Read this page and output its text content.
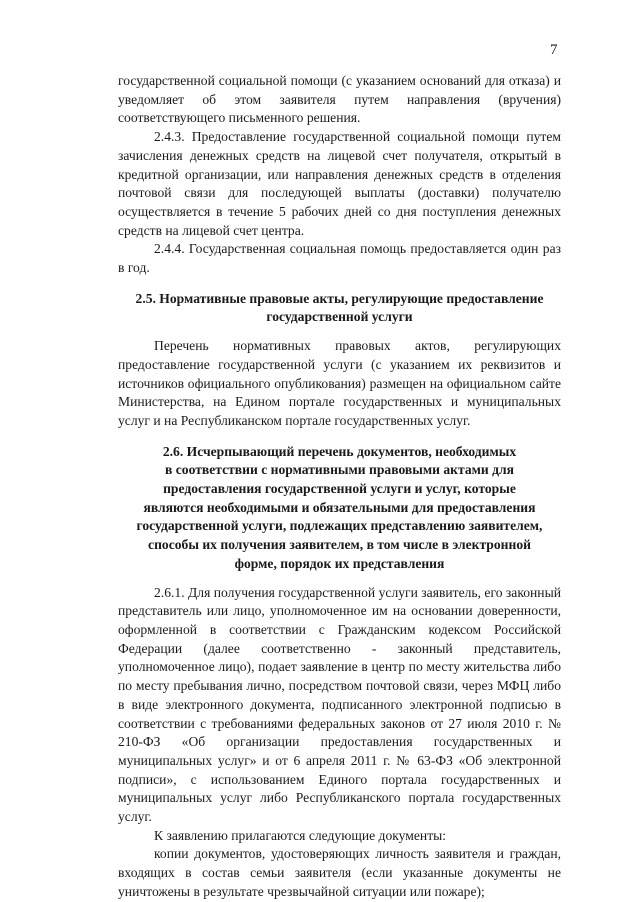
7

государственной социальной помощи (с указанием оснований для отказа) и уведомляет об этом заявителя путем направления (вручения) соответствующего письменного решения.

2.4.3. Предоставление государственной социальной помощи путем зачисления денежных средств на лицевой счет получателя, открытый в кредитной организации, или направления денежных средств в отделения почтовой связи для последующей выплаты (доставки) получателю осуществляется в течение 5 рабочих дней со дня поступления денежных средств на лицевой счет центра.

2.4.4. Государственная социальная помощь предоставляется один раз в год.

2.5. Нормативные правовые акты, регулирующие предоставление
государственной услуги

Перечень нормативных правовых актов, регулирующих предоставление государственной услуги (с указанием их реквизитов и источников официального опубликования) размещен на официальном сайте Министерства, на Едином портале государственных и муниципальных услуг и на Республиканском портале государственных услуг.

2.6. Исчерпывающий перечень документов, необходимых
в соответствии с нормативными правовыми актами для
предоставления государственной услуги и услуг, которые
являются необходимыми и обязательными для предоставления
государственной услуги, подлежащих представлению заявителем,
способы их получения заявителем, в том числе в электронной
форме, порядок их представления

2.6.1. Для получения государственной услуги заявитель, его законный представитель или лицо, уполномоченное им на основании доверенности, оформленной в соответствии с Гражданским кодексом Российской Федерации (далее соответственно - законный представитель, уполномоченное лицо), подает заявление в центр по месту жительства либо по месту пребывания лично, посредством почтовой связи, через МФЦ либо в виде электронного документа, подписанного электронной подписью в соответствии с требованиями федеральных законов от 27 июля 2010 г. № 210-ФЗ «Об организации предоставления государственных и муниципальных услуг» и от 6 апреля 2011 г. № 63-ФЗ «Об электронной подписи», с использованием Единого портала государственных и муниципальных услуг либо Республиканского портала государственных услуг.

К заявлению прилагаются следующие документы:

копии документов, удостоверяющих личность заявителя и граждан, входящих в состав семьи заявителя (если указанные документы не уничтожены в результате чрезвычайной ситуации или пожаре);
